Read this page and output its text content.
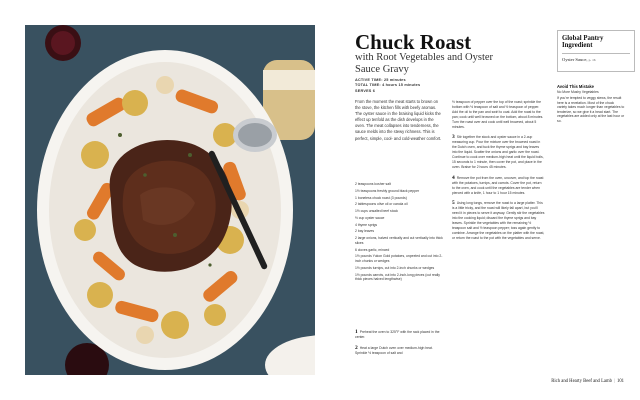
Chuck Roast
with Root Vegetables and Oyster Sauce Gravy
ACTIVE TIME: 25 minutes
TOTAL TIME: 4 hours 15 minutes
SERVES 6
From the moment the meat starts to brown on the stove, the kitchen fills with beefy aromas. The oyster sauce in the braising liquid kicks the effect up tenfold as the dish develops in the oven. The meat collapses into tenderness, the sauce melds into the stewy richness. This is perfect, simple, cool- and cold-weather comfort.
2 teaspoons kosher salt
1½ teaspoons freshly ground black pepper
1 boneless chuck roast (3 pounds)
2 tablespoons olive oil or canola oil
1½ cups unsalted beef stock
½ cup oyster sauce
4 thyme sprigs
2 bay leaves
2 large onions, halved vertically and cut vertically into thick slices
6 cloves garlic, minced
1½ pounds Yukon Gold potatoes, unpeeled and cut into 2-inch chunks or wedges
1½ pounds turnips, cut into 2-inch chunks or wedges
1½ pounds carrots, cut into 2-inch-long pieces (cut really thick pieces halved lengthwise)
1 Preheat the oven to 325°F with the rack placed in the center.
2 Heat a large Dutch oven over medium-high heat. Sprinkle ½ teaspoon of salt and
½ teaspoon of pepper over the top of the roast; sprinkle the bottom with ½ teaspoon of salt and ½ teaspoon of pepper. Add the oil to the pan and swirl to coat. Add the roast to the pan; cook until well browned on the bottom, about 8 minutes. Turn the roast over and cook until well browned, about 5 minutes.
3 Stir together the stock and oyster sauce in a 2-cup measuring cup. Pour the mixture over the browned roast in the Dutch oven, and tuck the thyme sprigs and bay leaves into the liquid. Scatter the onions and garlic over the roast. Continue to cook over medium-high heat until the liquid boils, 15 seconds to 1 minute, then cover the pot, and place in the oven. Braise for 2 hours 45 minutes.
4 Remove the pot from the oven, uncover, and top the roast with the potatoes, turnips, and carrots. Cover the pot, return to the oven, and cook until the vegetables are tender when pierced with a knife, 1 hour to 1 hour 15 minutes.
5 Using long tongs, remove the roast to a large platter. This is a little tricky, and the roast will likely fall apart, but you'll need it in pieces to serve it anyway. Gently stir the vegetables into the cooking liquid; discard the thyme sprigs and bay leaves. Sprinkle the vegetables with the remaining ½ teaspoon salt and ½ teaspoon pepper; toss again gently to combine. Arrange the vegetables on the platter with the roast, or return the roast to the pot with the vegetables and serve.
Global Pantry Ingredient
Oyster Sauce, p. 16
Avoid This Mistake
No More Mushy Vegetables
If you're tempted to veggy stews, the result here is a revelation. Most of the chuck variety takes much longer than vegetables to tenderize, so we give it a head start. The vegetables are added only at the last hour or so.
Rich and Hearty Beef and Lamb | 101
